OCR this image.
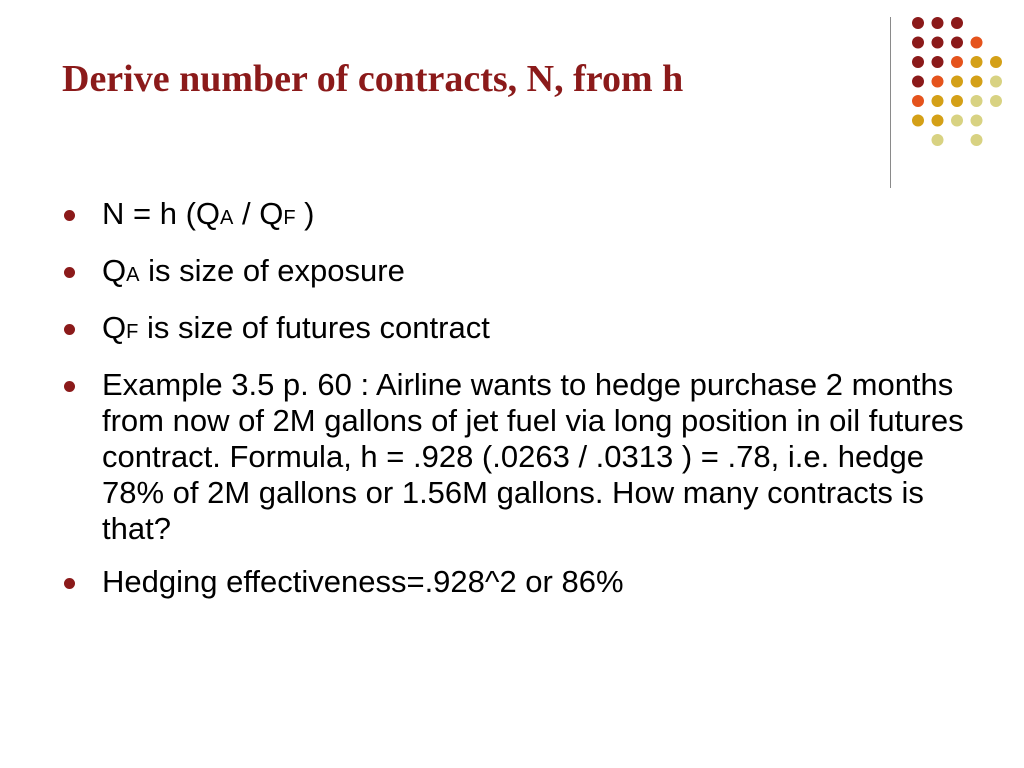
Derive number of contracts, N, from h
N = h (QA / QF )
QA is size of exposure
QF is size of futures contract
Example 3.5 p. 60 : Airline wants to hedge purchase 2 months from now of 2M gallons of jet fuel via long position in oil futures contract. Formula, h = .928 (.0263 / .0313 ) = .78, i.e. hedge 78% of 2M gallons or 1.56M gallons. How many contracts is that?
Hedging effectiveness=.928^2 or 86%
